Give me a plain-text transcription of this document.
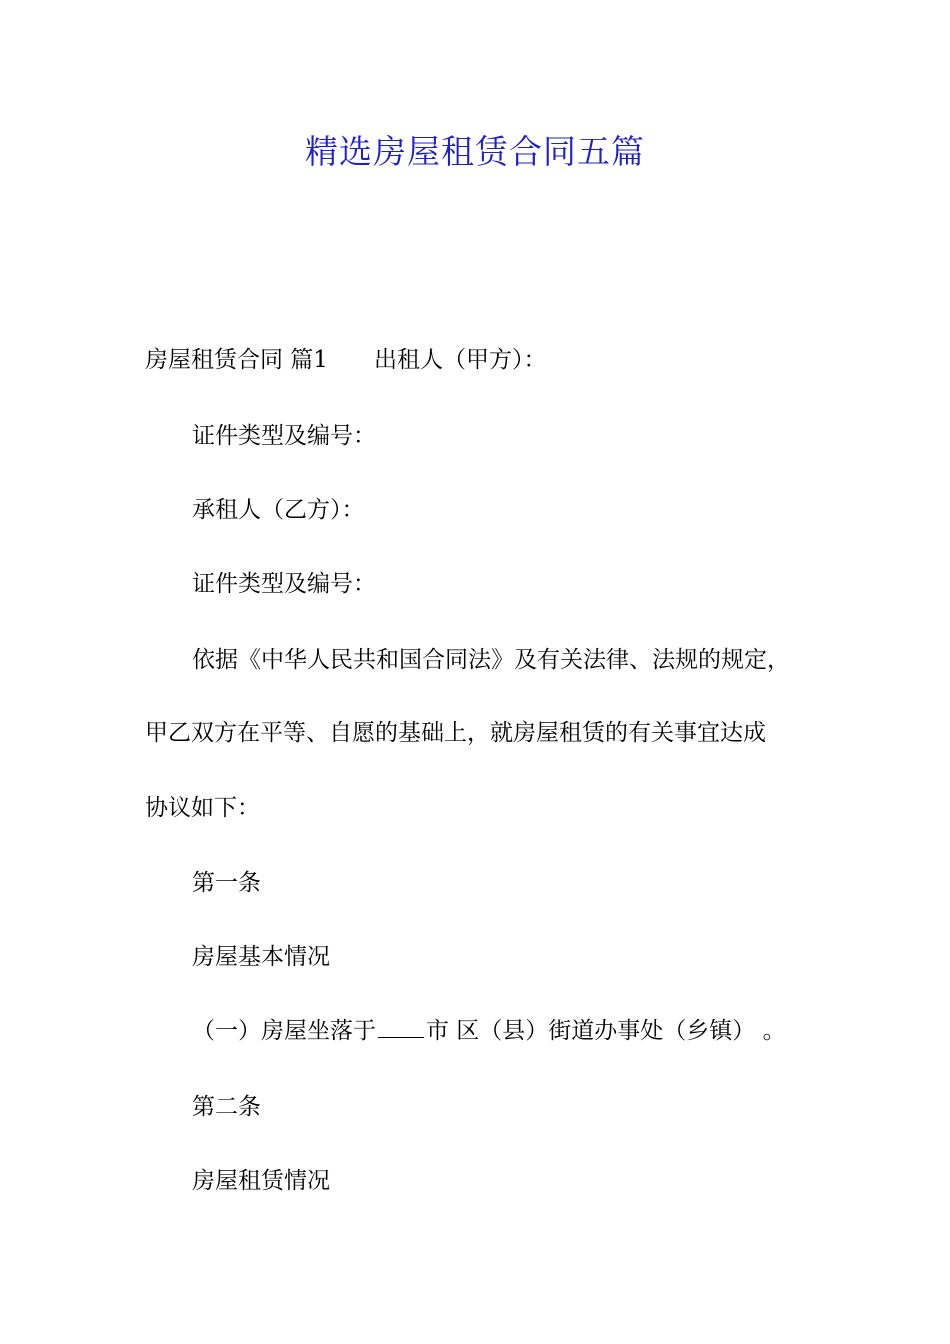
精选房屋租赁合同五篇
房屋租赁合同 篇1 出租人（甲方）：
证件类型及编号：
承租人（乙方）：
证件类型及编号：
依据《中华人民共和国合同法》及有关法律、法规的规定，
甲乙双方在平等、自愿的基础上，就房屋租赁的有关事宜达成
协议如下：
第一条
房屋基本情况
（一）房屋坐落于 市 区（县）街道办事处（乡镇） 。
第二条
房屋租赁情况
